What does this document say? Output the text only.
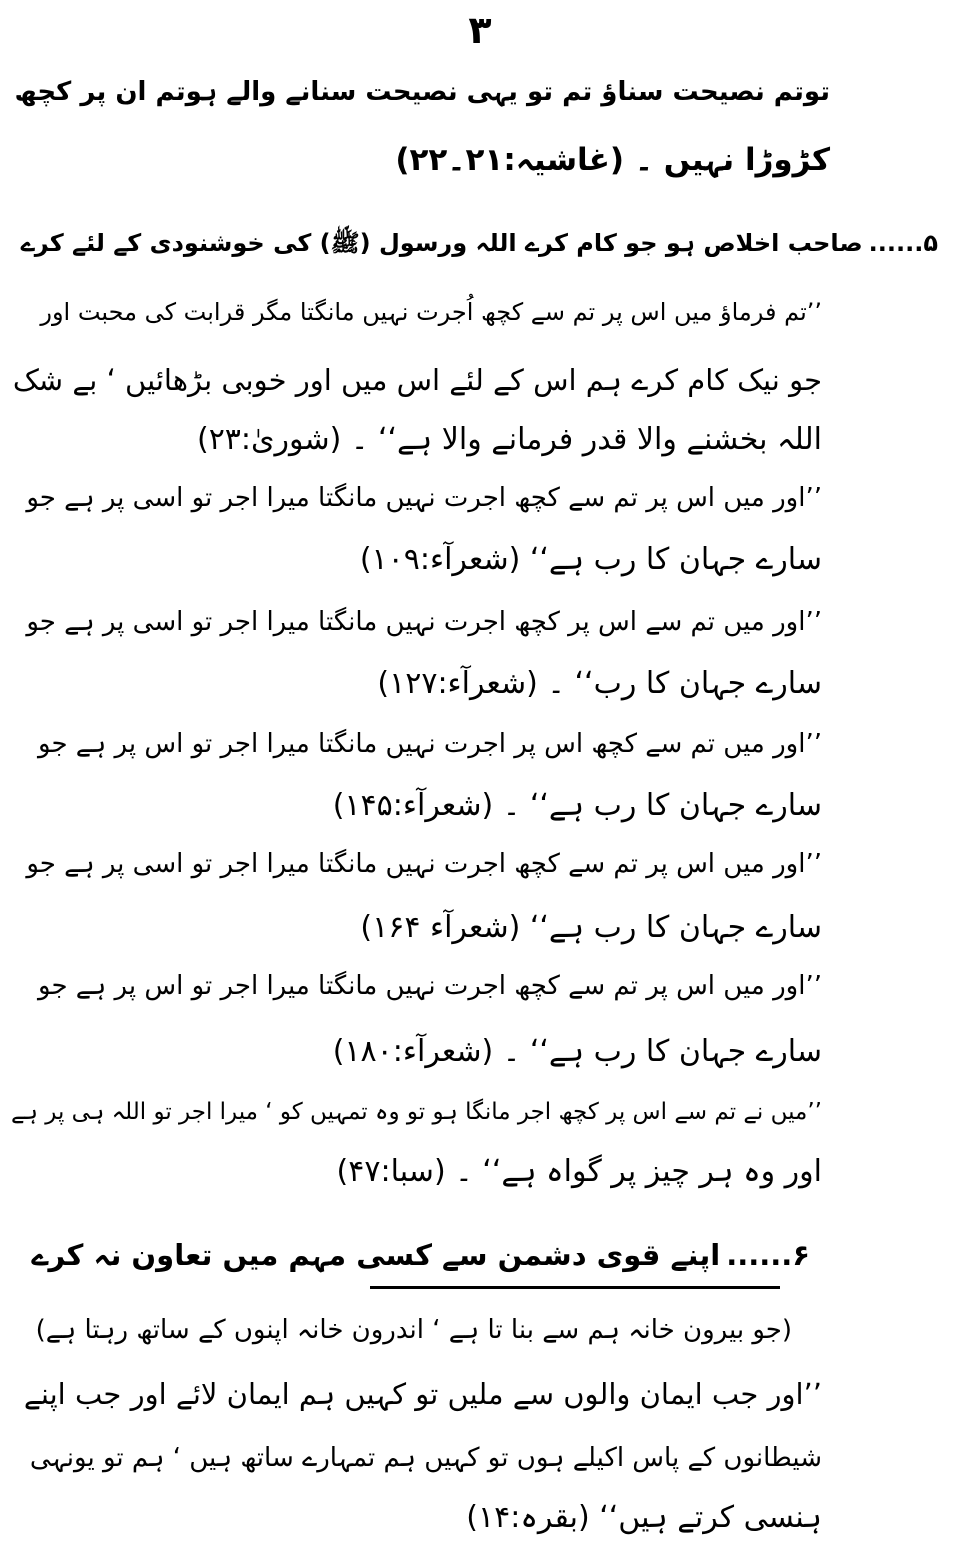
۳
توتم نصیحت سناؤ تم تو یہی نصیحت سنانے والے ہوتم ان پر کچھ
کڑوڑا نہیں ۔ (غاشیہ:۲۱۔۲۲)
۵......صاحب اخلاص ہو جو کام کرے اللہ ورسول (ﷺ) کی خوشنودی کے لئے کرے
’’تم فرماؤ میں اس پر تم سے کچھ اُجرت نہیں مانگتا مگر قرابت کی محبت اور
جو نیک کام کرے ہم اس کے لئے اس میں اور خوبی بڑھائیں ‘ بے شک
اللہ بخشنے والا قدر فرمانے والا ہے‘‘ ۔ (شوریٰ:۲۳)
’’اور میں اس پر تم سے کچھ اجرت نہیں مانگتا میرا اجر تو اسی پر ہے جو
سارے جہان کا رب ہے‘‘ (شعرآء:۱۰۹)
’’اور میں تم سے اس پر کچھ اجرت نہیں مانگتا میرا اجر تو اسی پر ہے جو
سارے جہان کا رب‘‘ ۔ (شعرآء:۱۲۷)
’’اور میں تم سے کچھ اس پر اجرت نہیں مانگتا میرا اجر تو اس پر ہے جو
سارے جہان کا رب ہے‘‘ ۔ (شعرآء:۱۴۵)
’’اور میں اس پر تم سے کچھ اجرت نہیں مانگتا میرا اجر تو اسی پر ہے جو
سارے جہان کا رب ہے‘‘ (شعرآء ۱۶۴)
’’اور میں اس پر تم سے کچھ اجرت نہیں مانگتا میرا اجر تو اس پر ہے جو
سارے جہان کا رب ہے‘‘ ۔ (شعرآء:۱۸۰)
’’میں نے تم سے اس پر کچھ اجر مانگا ہو تو وہ تمہیں کو ‘ میرا اجر تو اللہ ہی پر ہے
اور وہ ہر چیز پر گواہ ہے‘‘ ۔ (سبا:۴۷)
۶......اپنے قوی دشمن سے کسی مہم میں تعاون نہ کرے
(جو بیرون خانہ ہم سے بنا تا ہے ‘ اندرون خانہ اپنوں کے ساتھ رہتا ہے)
’’اور جب ایمان والوں سے ملیں تو کہیں ہم ایمان لائے اور جب اپنے
شیطانوں کے پاس اکیلے ہوں تو کہیں ہم تمہارے ساتھ ہیں ‘ ہم تو یونہی
ہنسی کرتے ہیں‘‘ (بقرہ:۱۴)
